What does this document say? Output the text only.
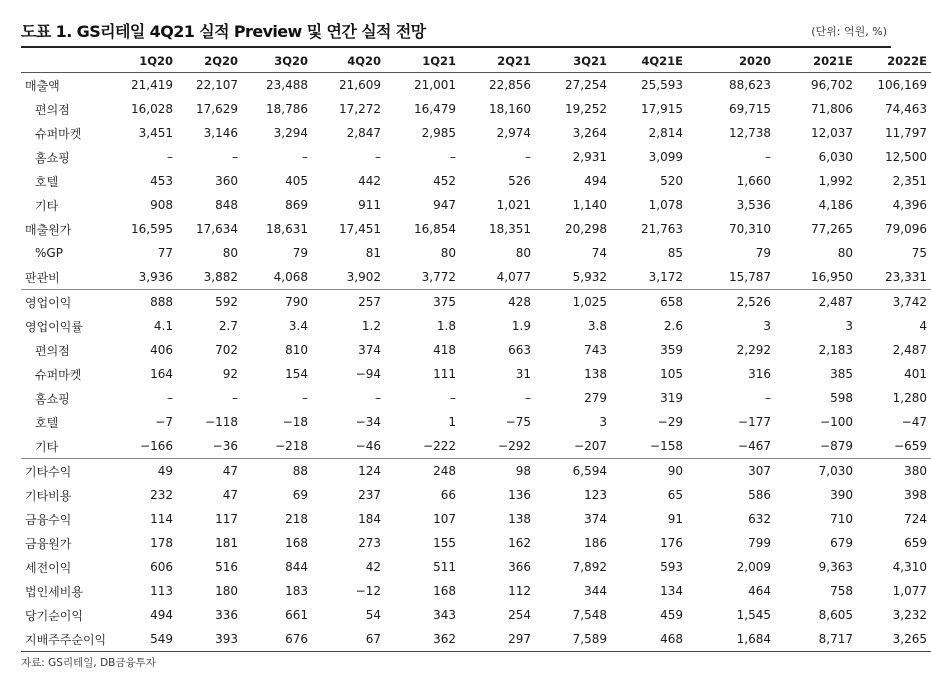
도표 1. GS리테일 4Q21 실적 Preview 및 연간 실적 전망	(단위: 억원, %)
	1Q20	2Q20	3Q20	4Q20	1Q21	2Q21	3Q21	4Q21E	2020	2021E	2022E
매출액	21,419	22,107	23,488	21,609	21,001	22,856	27,254	25,593	88,623	96,702	106,169
편의점	16,028	17,629	18,786	17,272	16,479	18,160	19,252	17,915	69,715	71,806	74,463
슈퍼마켓	3,451	3,146	3,294	2,847	2,985	2,974	3,264	2,814	12,738	12,037	11,797
홈쇼핑	–	–	–	–	–	–	2,931	3,099	–	6,030	12,500
호텔	453	360	405	442	452	526	494	520	1,660	1,992	2,351
기타	908	848	869	911	947	1,021	1,140	1,078	3,536	4,186	4,396
매출원가	16,595	17,634	18,631	17,451	16,854	18,351	20,298	21,763	70,310	77,265	79,096
%GP	77	80	79	81	80	80	74	85	79	80	75
판관비	3,936	3,882	4,068	3,902	3,772	4,077	5,932	3,172	15,787	16,950	23,331
영업이익	888	592	790	257	375	428	1,025	658	2,526	2,487	3,742
영업이익률	4.1	2.7	3.4	1.2	1.8	1.9	3.8	2.6	3	3	4
편의점	406	702	810	374	418	663	743	359	2,292	2,183	2,487
슈퍼마켓	164	92	154	−94	111	31	138	105	316	385	401
홈쇼핑	–	–	–	–	–	–	279	319	–	598	1,280
호텔	−7	−118	−18	−34	1	−75	3	−29	−177	−100	−47
기타	−166	−36	−218	−46	−222	−292	−207	−158	−467	−879	−659
기타수익	49	47	88	124	248	98	6,594	90	307	7,030	380
기타비용	232	47	69	237	66	136	123	65	586	390	398
금융수익	114	117	218	184	107	138	374	91	632	710	724
금융원가	178	181	168	273	155	162	186	176	799	679	659
세전이익	606	516	844	42	511	366	7,892	593	2,009	9,363	4,310
법인세비용	113	180	183	−12	168	112	344	134	464	758	1,077
당기순이익	494	336	661	54	343	254	7,548	459	1,545	8,605	3,232
지배주주순이익	549	393	676	67	362	297	7,589	468	1,684	8,717	3,265
자료: GS리테일, DB금융투자
